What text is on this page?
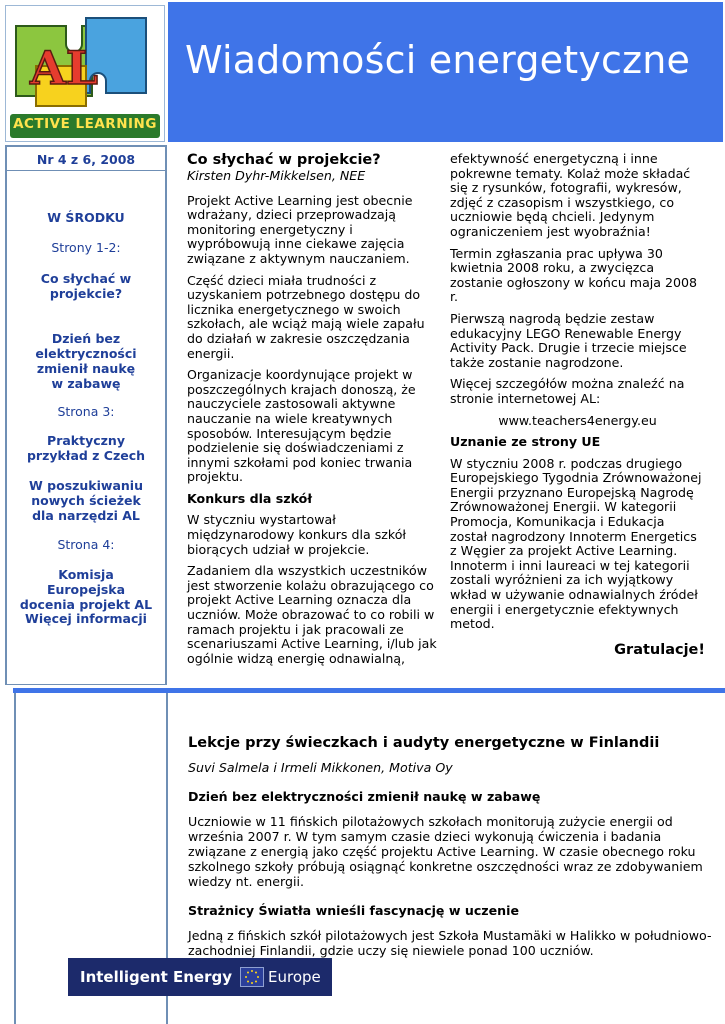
AL
ACTIVE LEARNING
Wiadomości energetyczne
Nr 4 z 6, 2008
W ŚRODKU
Strony 1-2:
Co słychać w projekcie?
Dzień bez elektryczności zmienił naukę w zabawę
Strona 3:
Praktyczny przykład z Czech
W poszukiwaniu nowych ścieżek dla narzędzi AL
Strona 4:
Komisja Europejska docenia projekt AL
Więcej informacji
Co słychać w projekcie?

Kirsten Dyhr-Mikkelsen, NEE

Projekt Active Learning jest obecnie wdrażany, dzieci przeprowadzają monitoring energetyczny i wypróbowują inne ciekawe zajęcia związane z aktywnym nauczaniem.

Część dzieci miała trudności z uzyskaniem potrzebnego dostępu do licznika energetycznego w swoich szkołach, ale wciąż mają wiele zapału do działań w zakresie oszczędzania energii.

Organizacje koordynujące projekt w poszczególnych krajach donoszą, że nauczyciele zastosowali aktywne nauczanie na wiele kreatywnych sposobów. Interesującym będzie podzielenie się doświadczeniami z innymi szkołami pod koniec trwania projektu.

Konkurs dla szkół

W styczniu wystartował międzynarodowy konkurs dla szkół biorących udział w projekcie.

Zadaniem dla wszystkich uczestników jest stworzenie kolażu obrazującego co projekt Active Learning oznacza dla uczniów. Może obrazować to co robili w ramach projektu i jak pracowali ze scenariuszami Active Learning, i/lub jak ogólnie widzą energię odnawialną,

efektywność energetyczną i inne pokrewne tematy. Kolaż może składać się z rysunków, fotografii, wykresów, zdjęć z czasopism i wszystkiego, co uczniowie będą chcieli. Jedynym ograniczeniem jest wyobraźnia!

Termin zgłaszania prac upływa 30 kwietnia 2008 roku, a zwycięzca zostanie ogłoszony w końcu maja 2008 r.

Pierwszą nagrodą będzie zestaw edukacyjny LEGO Renewable Energy Activity Pack. Drugie i trzecie miejsce także zostanie nagrodzone.

Więcej szczegółów można znaleźć na stronie internetowej AL:

www.teachers4energy.eu

Uznanie ze strony UE

W styczniu 2008 r. podczas drugiego Europejskiego Tygodnia Zrównoważonej Energii przyznano Europejską Nagrodę Zrównoważonej Energii. W kategorii Promocja, Komunikacja i Edukacja został nagrodzony Innoterm Energetics z Węgier za projekt Active Learning. Innoterm i inni laureaci w tej kategorii zostali wyróżnieni za ich wyjątkowy wkład w używanie odnawialnych źródeł energii i energetycznie efektywnych metod.

Gratulacje!

Lekcje przy świeczkach i audyty energetyczne w Finlandii

Suvi Salmela i Irmeli Mikkonen, Motiva Oy

Dzień bez elektryczności zmienił naukę w zabawę

Uczniowie w 11 fińskich pilotażowych szkołach monitorują zużycie energii od września 2007 r. W tym samym czasie dzieci wykonują ćwiczenia i badania związane z energią jako część projektu Active Learning. W czasie obecnego roku szkolnego szkoły próbują osiągnąć konkretne oszczędności wraz ze zdobywaniem wiedzy nt. energii.

Strażnicy Światła wnieśli fascynację w uczenie

Jedną z fińskich szkół pilotażowych jest Szkoła Mustamäki w Halikko w południowo-zachodniej Finlandii, gdzie uczy się niewiele ponad 100 uczniów.

Intelligent Energy Europe
